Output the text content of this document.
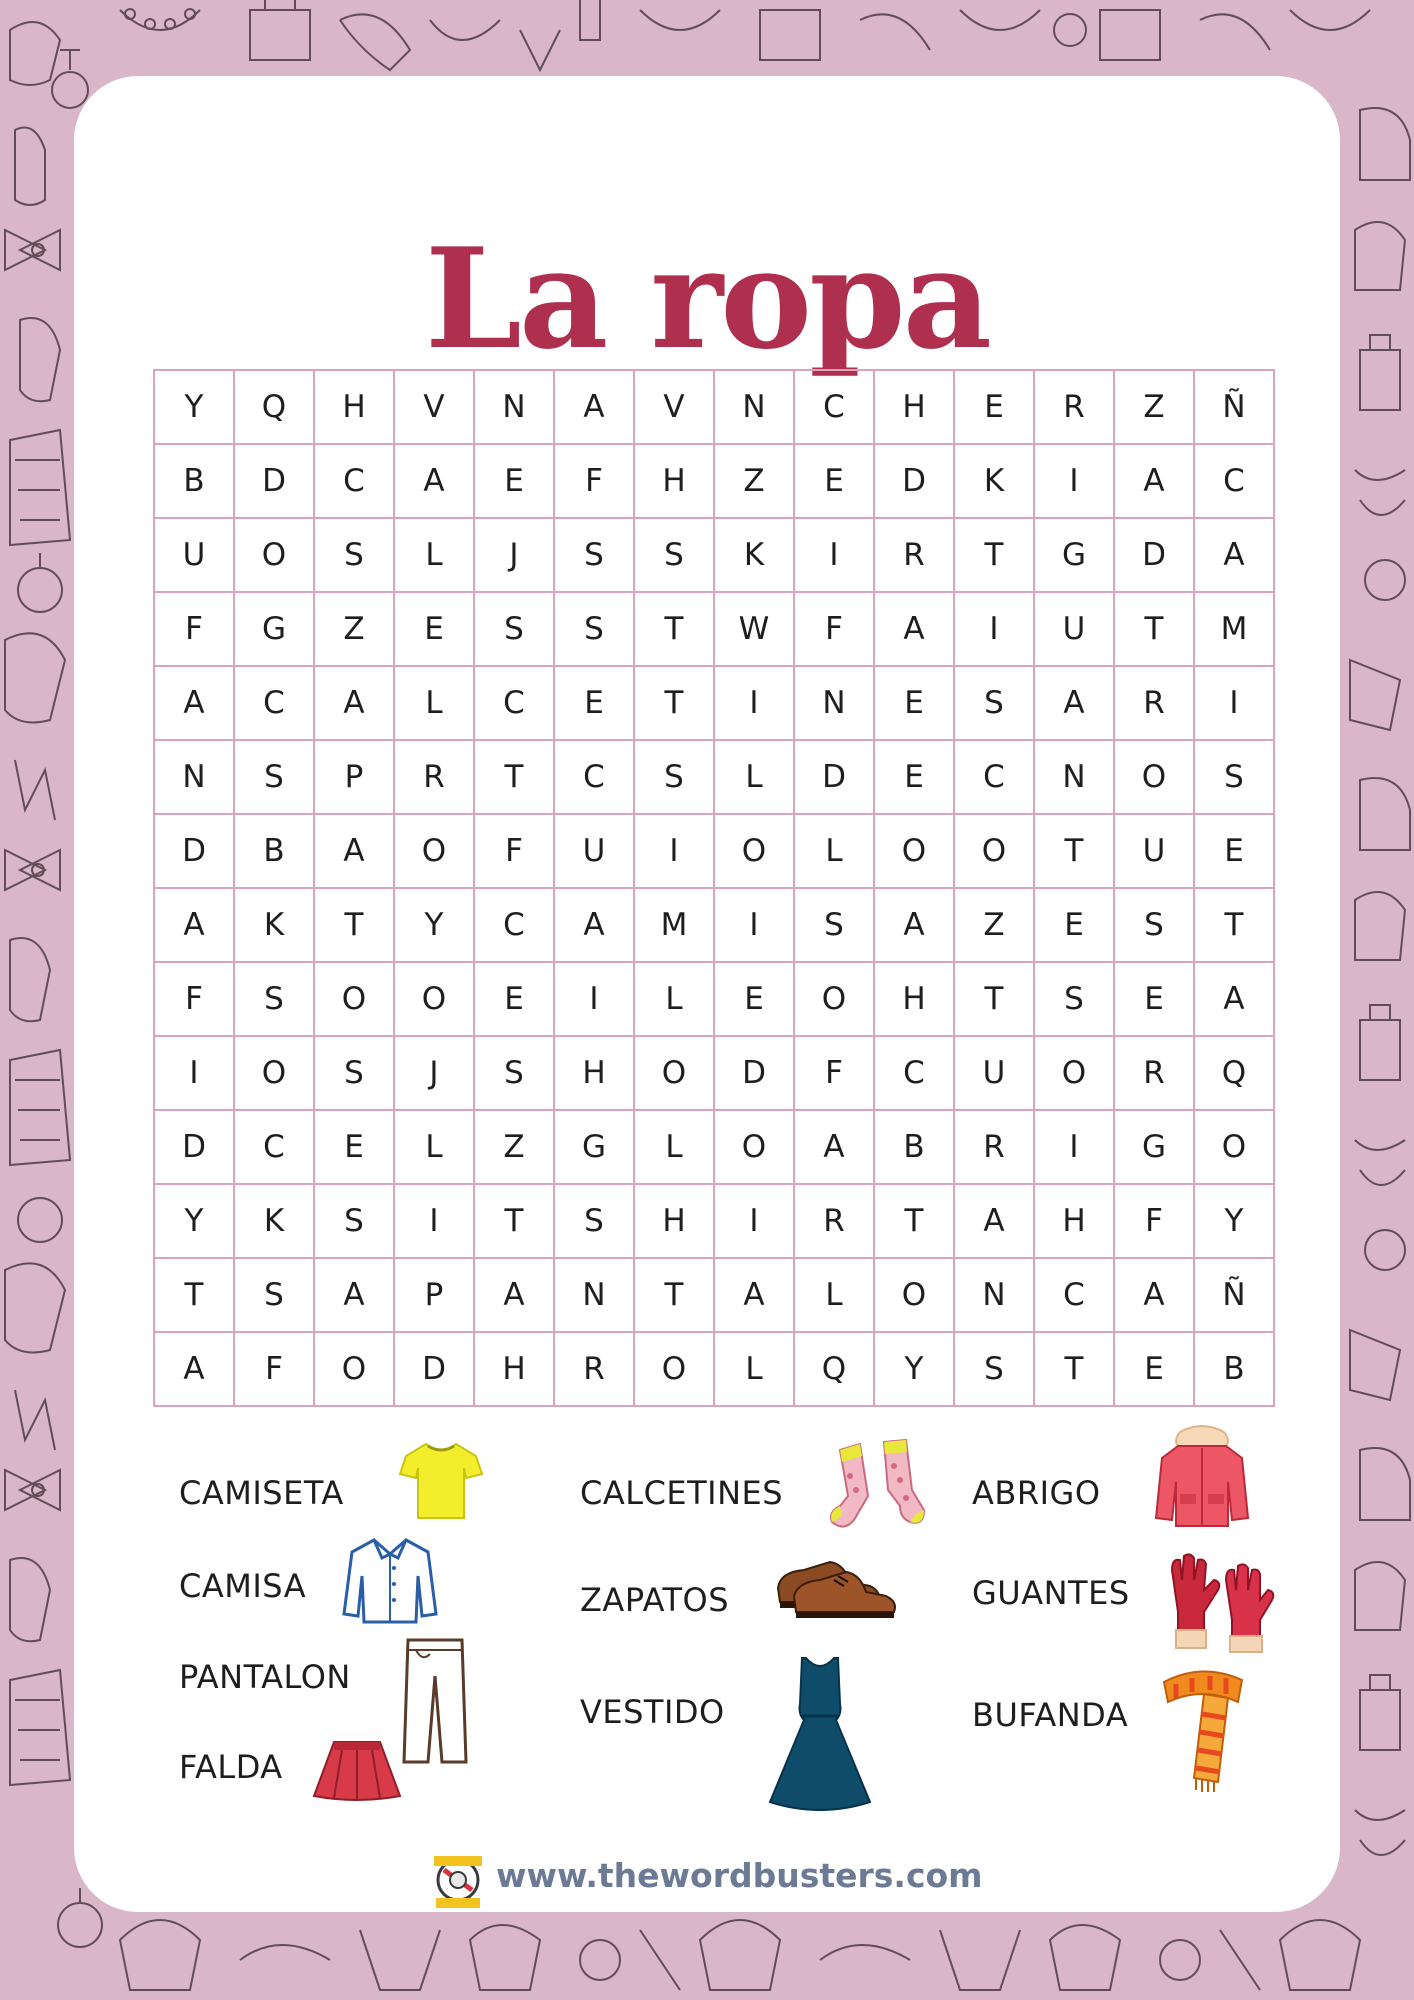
La ropa
Y	Q	H	V	N	A	V	N	C	H	E	R	Z	Ñ
B	D	C	A	E	F	H	Z	E	D	K	I	A	C
U	O	S	L	J	S	S	K	I	R	T	G	D	A
F	G	Z	E	S	S	T	W	F	A	I	U	T	M
A	C	A	L	C	E	T	I	N	E	S	A	R	I
N	S	P	R	T	C	S	L	D	E	C	N	O	S
D	B	A	O	F	U	I	O	L	O	O	T	U	E
A	K	T	Y	C	A	M	I	S	A	Z	E	S	T
F	S	O	O	E	I	L	E	O	H	T	S	E	A
I	O	S	J	S	H	O	D	F	C	U	O	R	Q
D	C	E	L	Z	G	L	O	A	B	R	I	G	O
Y	K	S	I	T	S	H	I	R	T	A	H	F	Y
T	S	A	P	A	N	T	A	L	O	N	C	A	Ñ
A	F	O	D	H	R	O	L	Q	Y	S	T	E	B
CAMISETA
CAMISA
PANTALON
FALDA
CALCETINES
ZAPATOS
VESTIDO
ABRIGO
GUANTES
BUFANDA
www.thewordbusters.com
